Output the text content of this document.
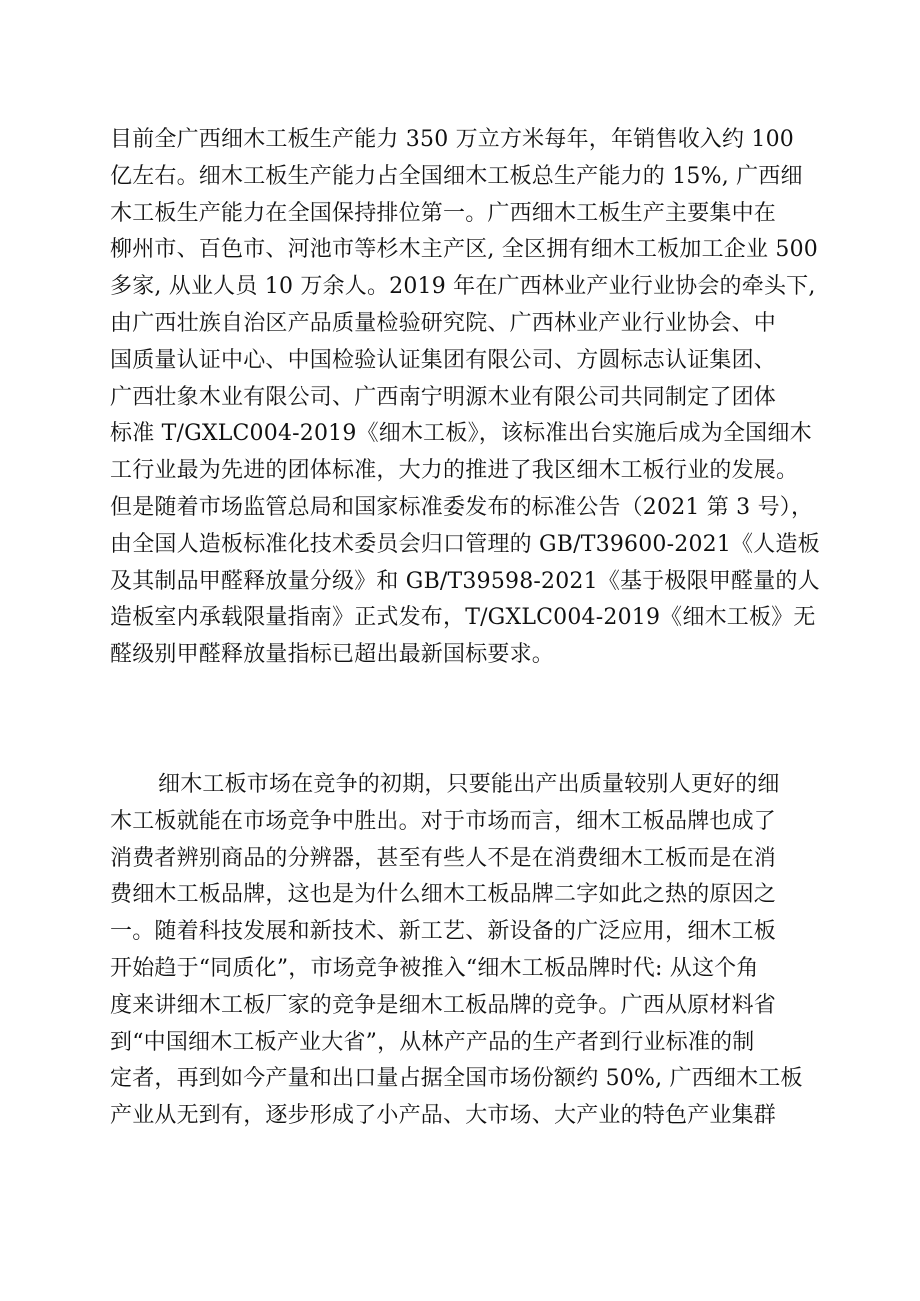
目前全广西细木工板生产能力 350 万立方米每年，年销售收入约 100
亿左右。细木工板生产能力占全国细木工板总生产能力的 15%, 广西细
木工板生产能力在全国保持排位第一。广西细木工板生产主要集中在
柳州市、百色市、河池市等杉木主产区, 全区拥有细木工板加工企业 500
多家, 从业人员 10 万余人。2019 年在广西林业产业行业协会的牵头下,
由广西壮族自治区产品质量检验研究院、广西林业产业行业协会、中
国质量认证中心、中国检验认证集团有限公司、方圆标志认证集团、
广西壮象木业有限公司、广西南宁明源木业有限公司共同制定了团体
标准 T/GXLC004-2019《细木工板》，该标准出台实施后成为全国细木
工行业最为先进的团体标准，大力的推进了我区细木工板行业的发展。
但是随着市场监管总局和国家标准委发布的标准公告（2021 第 3 号），
由全国人造板标准化技术委员会归口管理的 GB/T39600-2021《人造板
及其制品甲醛释放量分级》和 GB/T39598-2021《基于极限甲醛量的人
造板室内承载限量指南》正式发布，T/GXLC004-2019《细木工板》无
醛级别甲醛释放量指标已超出最新国标要求。
细木工板市场在竞争的初期，只要能出产出质量较别人更好的细
木工板就能在市场竞争中胜出。对于市场而言，细木工板品牌也成了
消费者辨别商品的分辨器，甚至有些人不是在消费细木工板而是在消
费细木工板品牌，这也是为什么细木工板品牌二字如此之热的原因之
一。随着科技发展和新技术、新工艺、新设备的广泛应用，细木工板
开始趋于“同质化”，市场竞争被推入“细木工板品牌时代: 从这个角
度来讲细木工板厂家的竞争是细木工板品牌的竞争。广西从原材料省
到“中国细木工板产业大省”，从林产产品的生产者到行业标准的制
定者，再到如今产量和出口量占据全国市场份额约 50%, 广西细木工板
产业从无到有，逐步形成了小产品、大市场、大产业的特色产业集群
